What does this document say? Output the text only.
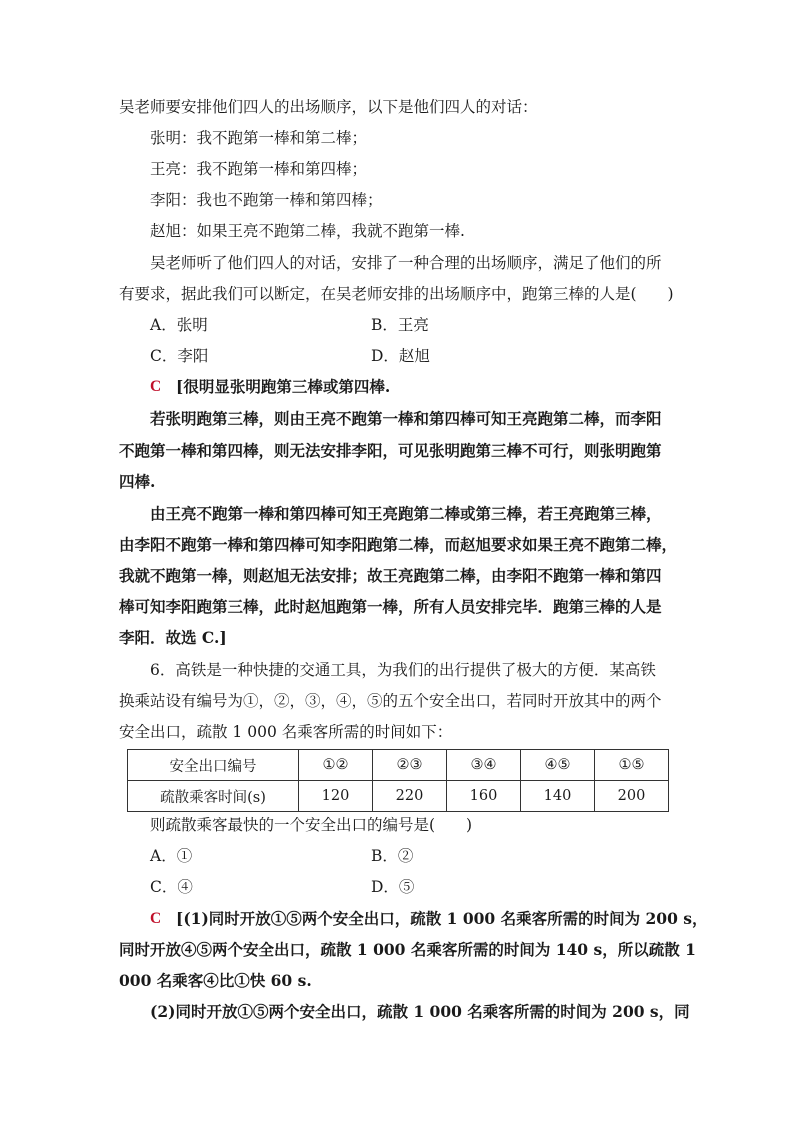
吴老师要安排他们四人的出场顺序，以下是他们四人的对话：
张明：我不跑第一棒和第二棒；
王亮：我不跑第一棒和第四棒；
李阳：我也不跑第一棒和第四棒；
赵旭：如果王亮不跑第二棒，我就不跑第一棒.
吴老师听了他们四人的对话，安排了一种合理的出场顺序，满足了他们的所
有要求，据此我们可以断定，在吴老师安排的出场顺序中，跑第三棒的人是(　　)
A．张明	B．王亮
C．李阳	D．赵旭
C [很明显张明跑第三棒或第四棒.
若张明跑第三棒，则由王亮不跑第一棒和第四棒可知王亮跑第二棒，而李阳
不跑第一棒和第四棒，则无法安排李阳，可见张明跑第三棒不可行，则张明跑第
四棒.
由王亮不跑第一棒和第四棒可知王亮跑第二棒或第三棒，若王亮跑第三棒，
由李阳不跑第一棒和第四棒可知李阳跑第二棒，而赵旭要求如果王亮不跑第二棒，
我就不跑第一棒，则赵旭无法安排；故王亮跑第二棒，由李阳不跑第一棒和第四
棒可知李阳跑第三棒，此时赵旭跑第一棒，所有人员安排完毕．跑第三棒的人是
李阳．故选 C.]
6．高铁是一种快捷的交通工具，为我们的出行提供了极大的方便．某高铁
换乘站设有编号为①，②，③，④，⑤的五个安全出口，若同时开放其中的两个
安全出口，疏散 1 000 名乘客所需的时间如下：
安全出口编号	①②	②③	③④	④⑤	①⑤
疏散乘客时间(s)	120	220	160	140	200
则疏散乘客最快的一个安全出口的编号是(　　)
A．①	B．②
C．④	D．⑤
C [(1)同时开放①⑤两个安全出口，疏散 1 000 名乘客所需的时间为 200 s，
同时开放④⑤两个安全出口，疏散 1 000 名乘客所需的时间为 140 s，所以疏散 1
000 名乘客④比①快 60 s.
(2)同时开放①⑤两个安全出口，疏散 1 000 名乘客所需的时间为 200 s，同
